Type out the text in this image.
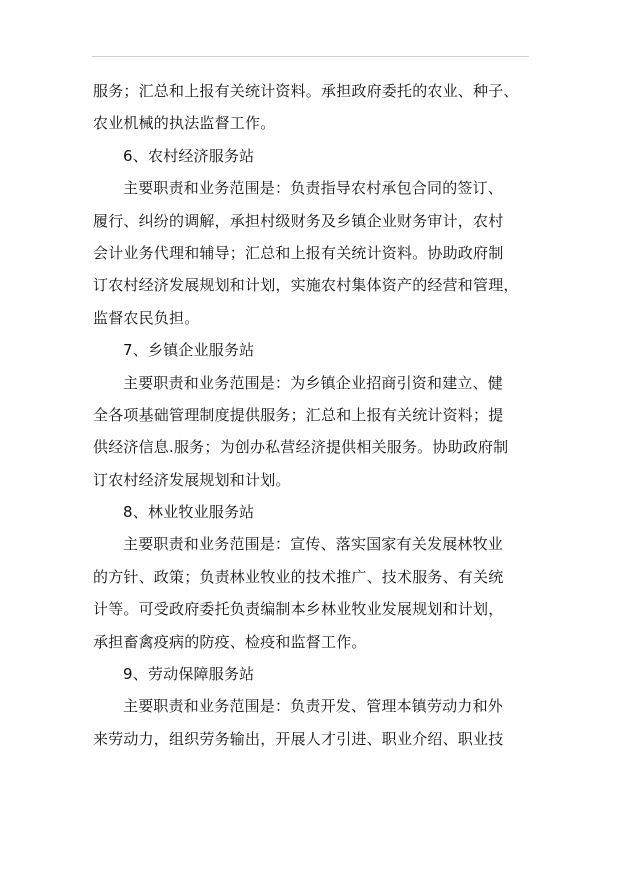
服务；汇总和上报有关统计资料。承担政府委托的农业、种子、
农业机械的执法监督工作。
6、农村经济服务站
主要职责和业务范围是：负责指导农村承包合同的签订、
履行、纠纷的调解，承担村级财务及乡镇企业财务审计，农村
会计业务代理和辅导；汇总和上报有关统计资料。协助政府制
订农村经济发展规划和计划，实施农村集体资产的经营和管理，
监督农民负担。
7、乡镇企业服务站
主要职责和业务范围是：为乡镇企业招商引资和建立、健
全各项基础管理制度提供服务；汇总和上报有关统计资料；提
供经济信息.服务；为创办私营经济提供相关服务。协助政府制
订农村经济发展规划和计划。
8、林业牧业服务站
主要职责和业务范围是：宣传、落实国家有关发展林牧业
的方针、政策；负责林业牧业的技术推广、技术服务、有关统
计等。可受政府委托负责编制本乡林业牧业发展规划和计划，
承担畜禽疫病的防疫、检疫和监督工作。
9、劳动保障服务站
主要职责和业务范围是：负责开发、管理本镇劳动力和外
来劳动力，组织劳务输出，开展人才引进、职业介绍、职业技
